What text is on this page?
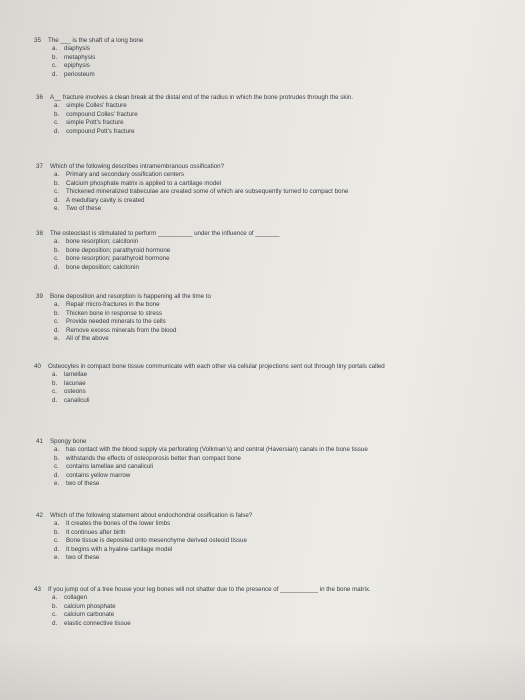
35 The ___ is the shaft of a long bone
a. diaphysis
b. metaphysis
c. epiphysis
d. periosteum
36 A__ fracture involves a clean break at the distal end of the radius in which the bone protrudes through the skin.
a. simple Colles' fracture
b. compound Colles' fracture
c. simple Pott's fracture
d. compound Pott's fracture
37 Which of the following describes intramembranous ossification?
a. Primary and secondary ossification centers
b. Calcium phosphate matrix is applied to a cartilage model
c. Thickened mineralized trabeculae are created some of which are subsequently turned to compact bone
d. A medullary cavity is created
e. Two of these
38 The osteoclast is stimulated to perform __________ under the influence of _______
a. bone resorption; calcitonin
b. bone deposition; parathyroid hormone
c. bone resorption; parathyroid hormone
d. bone deposition; calcitonin
39 Bone deposition and resorption is happening all the time to
a. Repair micro-fractures in the bone
b. Thicken bone in response to stress
c. Provide needed minerals to the cells
d. Remove excess minerals from the blood
e. All of the above
40 Osteocytes in compact bone tissue communicate with each other via cellular projections sent out through tiny portals called
a. lamellae
b. lacunae
c. osteons
d. canaliculi
41 Spongy bone
a. has contact with the blood supply via perforating (Volkman's) and central (Haversian) canals in the bone tissue
b. withstands the effects of osteoporosis better than compact bone
c. contains lamellae and canaliculi
d. contains yellow marrow
e. two of these
42 Which of the following statement about endochondral ossification is false?
a. It creates the bones of the lower limbs
b. It continues after birth
c. Bone tissue is deposited onto mesenchyme derived osteoid tissue
d. It begins with a hyaline cartilage model
e. two of these
43 If you jump out of a tree house your leg bones will not shatter due to the presence of ___________ in the bone matrix.
a. collagen
b. calcium phosphate
c. calcium carbonate
d. elastic connective tissue
